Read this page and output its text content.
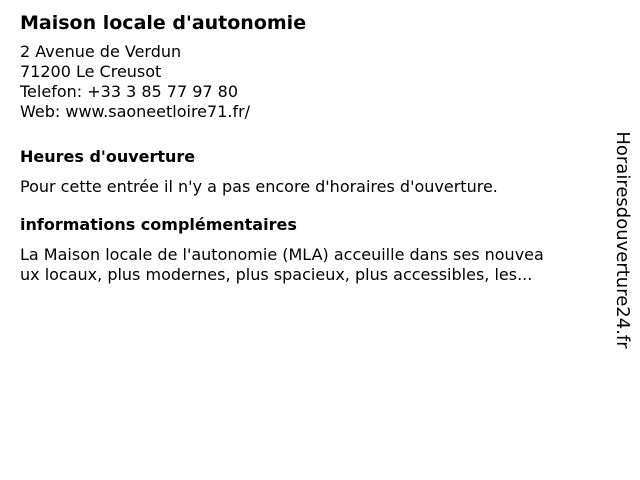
Maison locale d'autonomie
2 Avenue de Verdun
71200 Le Creusot
Telefon: +33 3 85 77 97 80
Web: www.saoneetloire71.fr/
Heures d'ouverture
Pour cette entrée il n'y a pas encore d'horaires d'ouverture.
informations complémentaires
La Maison locale de l'autonomie (MLA) acceuille dans ses nouvea
ux locaux, plus modernes, plus spacieux, plus accessibles, les...	Horairesdouverture24.fr
